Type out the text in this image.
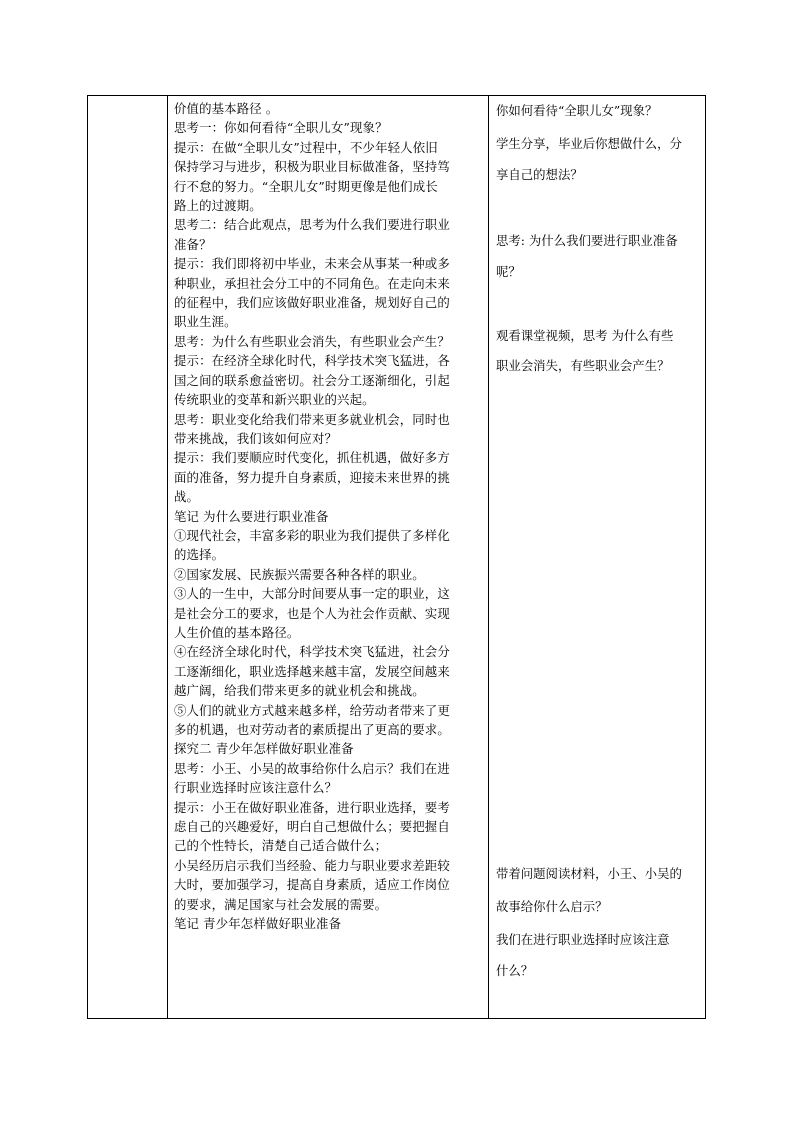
价值的基本路径 。
思考一：你如何看待“全职儿女”现象？
提示：在做“全职儿女”过程中，不少年轻人依旧
保持学习与进步，积极为职业目标做准备，坚持笃
行不怠的努力。“全职儿女”时期更像是他们成长
路上的过渡期。
思考二：结合此观点，思考为什么我们要进行职业
准备？
提示：我们即将初中毕业，未来会从事某一种或多
种职业，承担社会分工中的不同角色。在走向未来
的征程中，我们应该做好职业准备，规划好自己的
职业生涯。
思考：为什么有些职业会消失，有些职业会产生？
提示：在经济全球化时代，科学技术突飞猛进，各
国之间的联系愈益密切。社会分工逐渐细化，引起
传统职业的变革和新兴职业的兴起。
思考：职业变化给我们带来更多就业机会，同时也
带来挑战，我们该如何应对？
提示：我们要顺应时代变化，抓住机遇，做好多方
面的准备，努力提升自身素质，迎接未来世界的挑
战。
笔记 为什么要进行职业准备
①现代社会，丰富多彩的职业为我们提供了多样化
的选择。
②国家发展、民族振兴需要各种各样的职业。
③人的一生中，大部分时间要从事一定的职业，这
是社会分工的要求，也是个人为社会作贡献、实现
人生价值的基本路径。
④在经济全球化时代，科学技术突飞猛进，社会分
工逐渐细化，职业选择越来越丰富，发展空间越来
越广阔，给我们带来更多的就业机会和挑战。
⑤人们的就业方式越来越多样，给劳动者带来了更
多的机遇，也对劳动者的素质提出了更高的要求。
探究二 青少年怎样做好职业准备
思考：小王、小吴的故事给你什么启示？我们在进
行职业选择时应该注意什么？
提示：小王在做好职业准备，进行职业选择，要考
虑自己的兴趣爱好，明白自己想做什么；要把握自
己的个性特长，清楚自己适合做什么；
小吴经历启示我们当经验、能力与职业要求差距较
大时，要加强学习，提高自身素质，适应工作岗位
的要求，满足国家与社会发展的需要。
笔记 青少年怎样做好职业准备
你如何看待“全职儿女”现象？
学生分享，毕业后你想做什么，分
享自己的想法？
思考: 为什么我们要进行职业准备
呢？
观看课堂视频，思考 为什么有些
职业会消失，有些职业会产生？
带着问题阅读材料，小王、小吴的
故事给你什么启示？
我们在进行职业选择时应该注意
什么？
